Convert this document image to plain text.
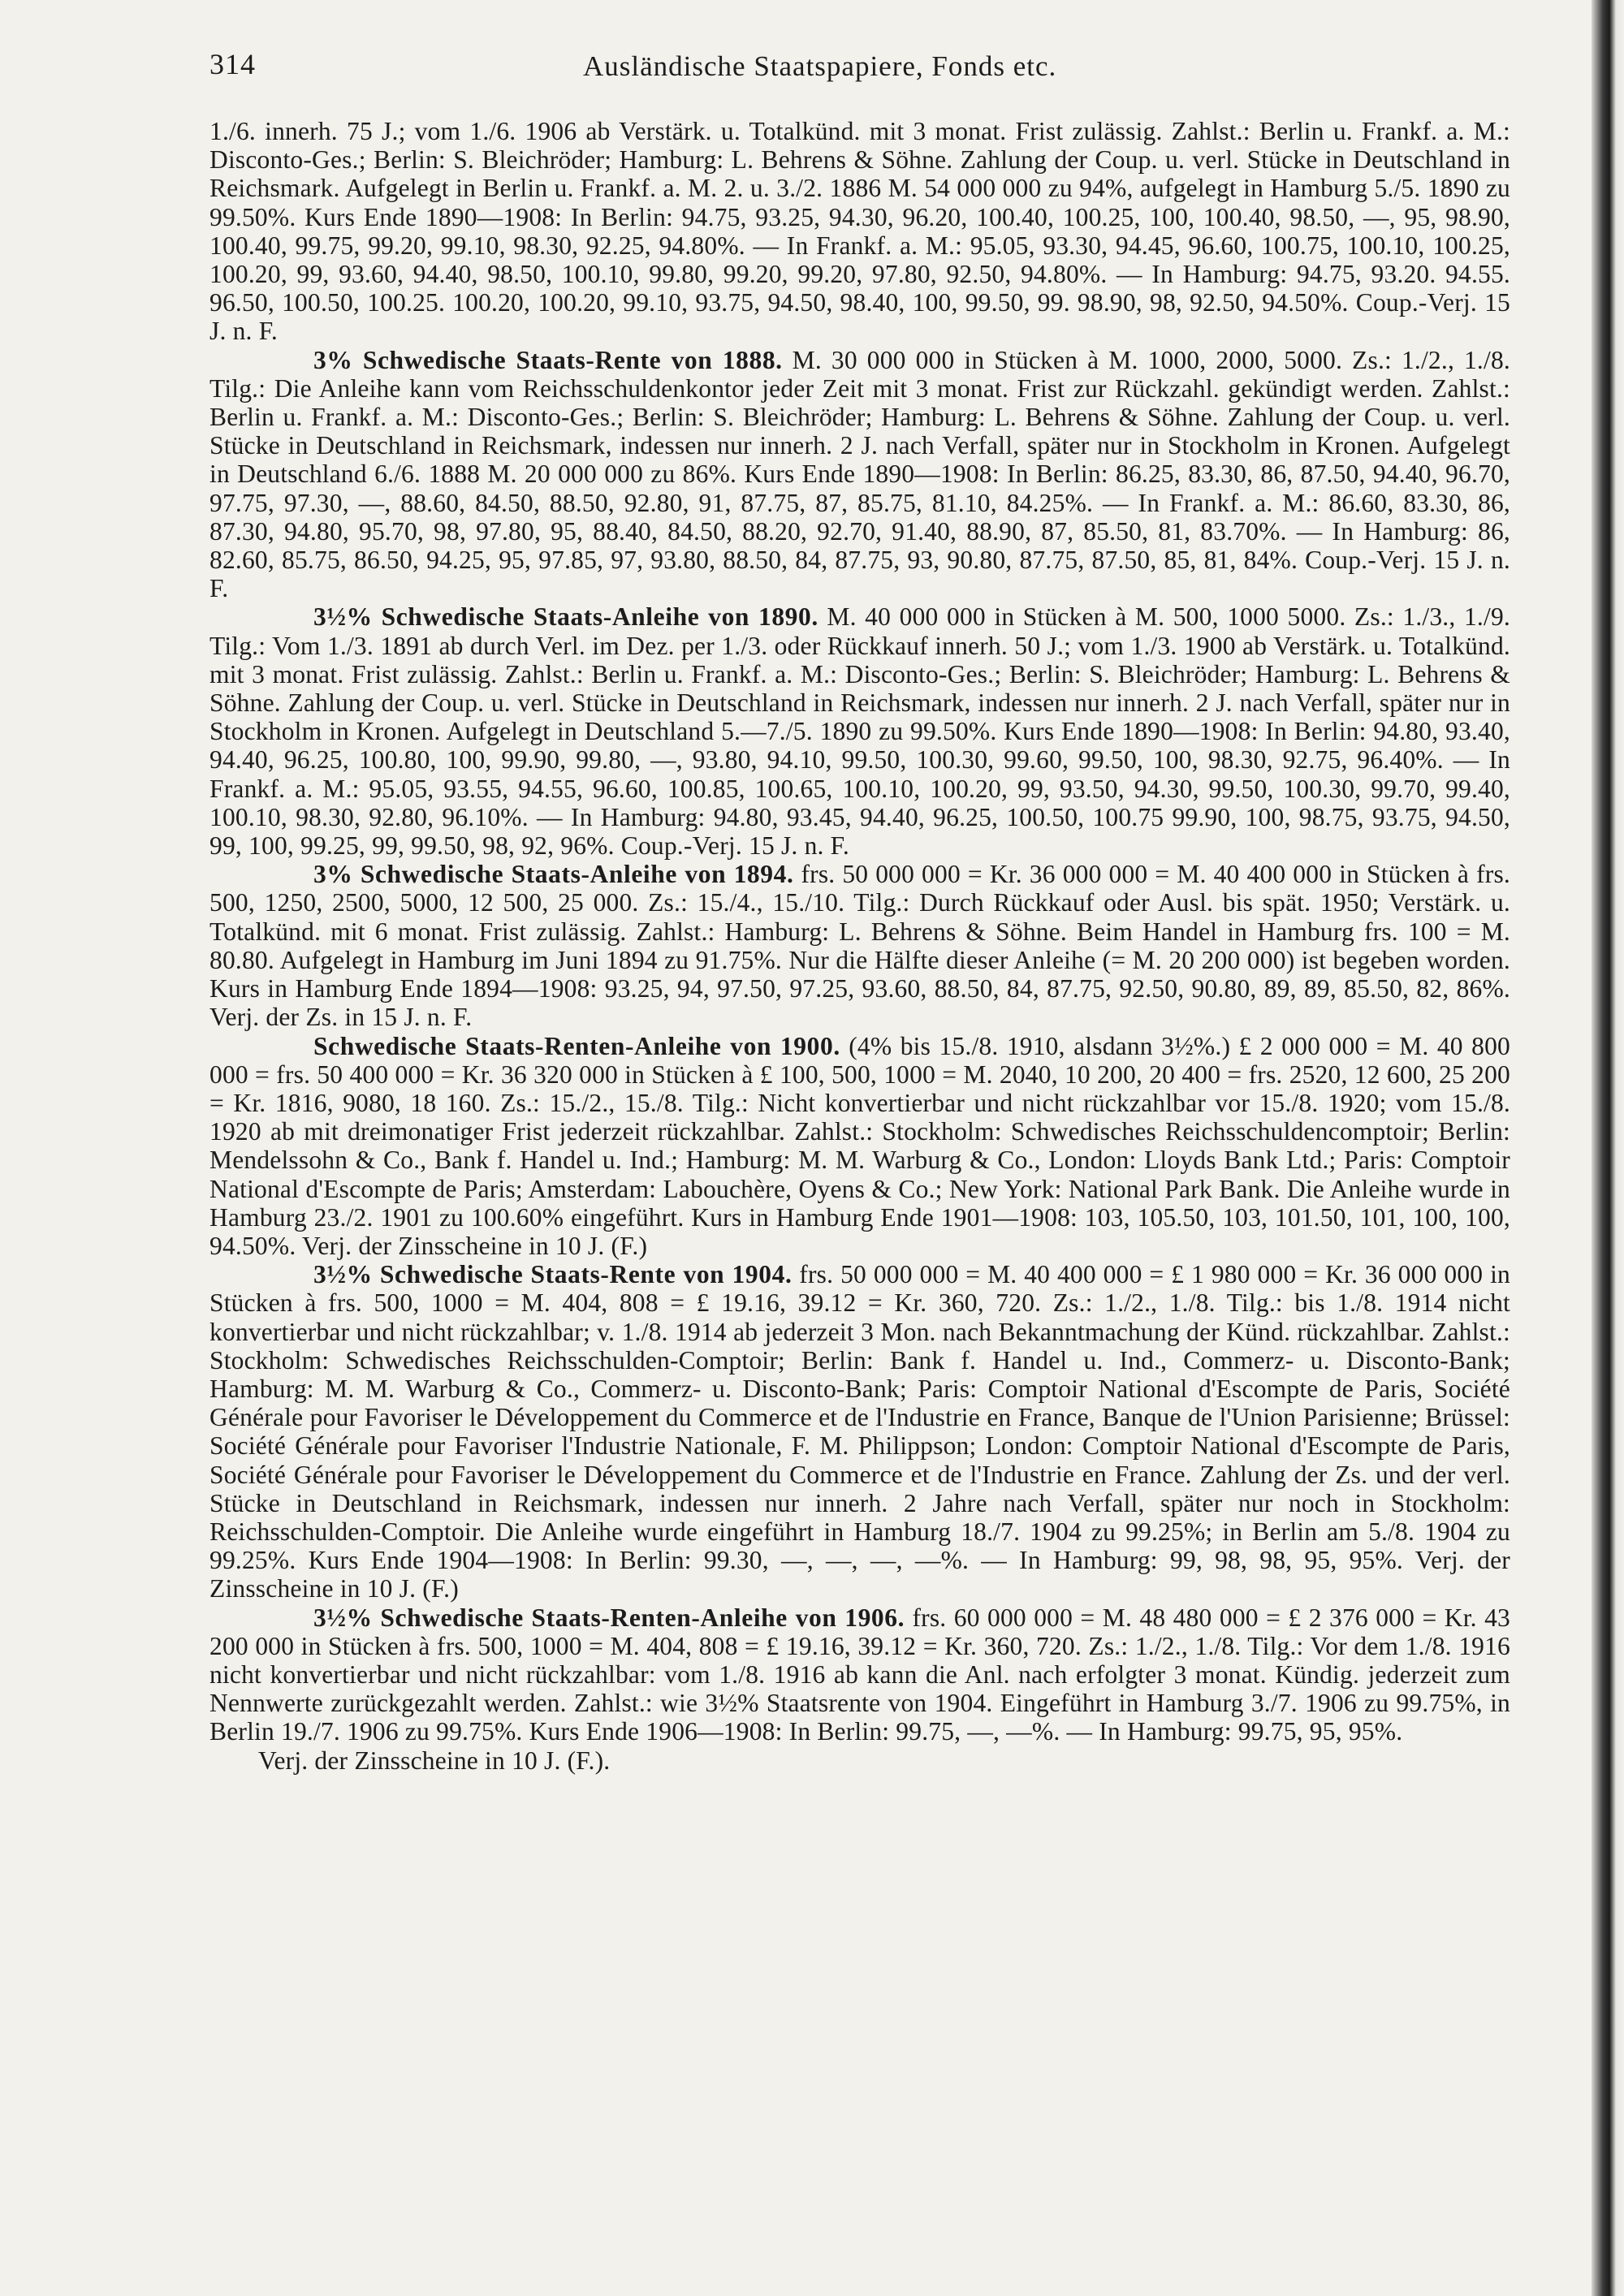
314	Ausländische Staatspapiere, Fonds etc.

1./6. innerh. 75 J.; vom 1./6. 1906 ab Verstärk. u. Totalkünd. mit 3 monat. Frist zulässig. Zahlst.: Berlin u. Frankf. a. M.: Disconto-Ges.; Berlin: S. Bleichröder; Hamburg: L. Behrens & Söhne. Zahlung der Coup. u. verl. Stücke in Deutschland in Reichsmark. Aufgelegt in Berlin u. Frankf. a. M. 2. u. 3./2. 1886 M. 54 000 000 zu 94%, aufgelegt in Hamburg 5./5. 1890 zu 99.50%. Kurs Ende 1890—1908: In Berlin: 94.75, 93.25, 94.30, 96.20, 100.40, 100.25, 100, 100.40, 98.50, —, 95, 98.90, 100.40, 99.75, 99.20, 99.10, 98.30, 92.25, 94.80%. — In Frankf. a. M.: 95.05, 93.30, 94.45, 96.60, 100.75, 100.10, 100.25, 100.20, 99, 93.60, 94.40, 98.50, 100.10, 99.80, 99.20, 99.20, 97.80, 92.50, 94.80%. — In Hamburg: 94.75, 93.20. 94.55. 96.50, 100.50, 100.25. 100.20, 100.20, 99.10, 93.75, 94.50, 98.40, 100, 99.50, 99. 98.90, 98, 92.50, 94.50%. Coup.-Verj. 15 J. n. F.

3% Schwedische Staats-Rente von 1888. M. 30 000 000 in Stücken à M. 1000, 2000, 5000. Zs.: 1./2., 1./8. Tilg.: Die Anleihe kann vom Reichsschuldenkontor jeder Zeit mit 3 monat. Frist zur Rückzahl. gekündigt werden. Zahlst.: Berlin u. Frankf. a. M.: Disconto-Ges.; Berlin: S. Bleichröder; Hamburg: L. Behrens & Söhne. Zahlung der Coup. u. verl. Stücke in Deutschland in Reichsmark, indessen nur innerh. 2 J. nach Verfall, später nur in Stockholm in Kronen. Aufgelegt in Deutschland 6./6. 1888 M. 20 000 000 zu 86%. Kurs Ende 1890—1908: In Berlin: 86.25, 83.30, 86, 87.50, 94.40, 96.70, 97.75, 97.30, —, 88.60, 84.50, 88.50, 92.80, 91, 87.75, 87, 85.75, 81.10, 84.25%. — In Frankf. a. M.: 86.60, 83.30, 86, 87.30, 94.80, 95.70, 98, 97.80, 95, 88.40, 84.50, 88.20, 92.70, 91.40, 88.90, 87, 85.50, 81, 83.70%. — In Hamburg: 86, 82.60, 85.75, 86.50, 94.25, 95, 97.85, 97, 93.80, 88.50, 84, 87.75, 93, 90.80, 87.75, 87.50, 85, 81, 84%. Coup.-Verj. 15 J. n. F.

3½% Schwedische Staats-Anleihe von 1890. M. 40 000 000 in Stücken à M. 500, 1000 5000. Zs.: 1./3., 1./9. Tilg.: Vom 1./3. 1891 ab durch Verl. im Dez. per 1./3. oder Rückkauf innerh. 50 J.; vom 1./3. 1900 ab Verstärk. u. Totalkünd. mit 3 monat. Frist zulässig. Zahlst.: Berlin u. Frankf. a. M.: Disconto-Ges.; Berlin: S. Bleichröder; Hamburg: L. Behrens & Söhne. Zahlung der Coup. u. verl. Stücke in Deutschland in Reichsmark, indessen nur innerh. 2 J. nach Verfall, später nur in Stockholm in Kronen. Aufgelegt in Deutschland 5.—7./5. 1890 zu 99.50%. Kurs Ende 1890—1908: In Berlin: 94.80, 93.40, 94.40, 96.25, 100.80, 100, 99.90, 99.80, —, 93.80, 94.10, 99.50, 100.30, 99.60, 99.50, 100, 98.30, 92.75, 96.40%. — In Frankf. a. M.: 95.05, 93.55, 94.55, 96.60, 100.85, 100.65, 100.10, 100.20, 99, 93.50, 94.30, 99.50, 100.30, 99.70, 99.40, 100.10, 98.30, 92.80, 96.10%. — In Hamburg: 94.80, 93.45, 94.40, 96.25, 100.50, 100.75 99.90, 100, 98.75, 93.75, 94.50, 99, 100, 99.25, 99, 99.50, 98, 92, 96%. Coup.-Verj. 15 J. n. F.

3% Schwedische Staats-Anleihe von 1894. frs. 50 000 000 = Kr. 36 000 000 = M. 40 400 000 in Stücken à frs. 500, 1250, 2500, 5000, 12 500, 25 000. Zs.: 15./4., 15./10. Tilg.: Durch Rückkauf oder Ausl. bis spät. 1950; Verstärk. u. Totalkünd. mit 6 monat. Frist zulässig. Zahlst.: Hamburg: L. Behrens & Söhne. Beim Handel in Hamburg frs. 100 = M. 80.80. Aufgelegt in Hamburg im Juni 1894 zu 91.75%. Nur die Hälfte dieser Anleihe (= M. 20 200 000) ist begeben worden. Kurs in Hamburg Ende 1894—1908: 93.25, 94, 97.50, 97.25, 93.60, 88.50, 84, 87.75, 92.50, 90.80, 89, 89, 85.50, 82, 86%. Verj. der Zs. in 15 J. n. F.

Schwedische Staats-Renten-Anleihe von 1900. (4% bis 15./8. 1910, alsdann 3½%.) £ 2 000 000 = M. 40 800 000 = frs. 50 400 000 = Kr. 36 320 000 in Stücken à £ 100, 500, 1000 = M. 2040, 10 200, 20 400 = frs. 2520, 12 600, 25 200 = Kr. 1816, 9080, 18 160. Zs.: 15./2., 15./8. Tilg.: Nicht konvertierbar und nicht rückzahlbar vor 15./8. 1920; vom 15./8. 1920 ab mit dreimonatiger Frist jederzeit rückzahlbar. Zahlst.: Stockholm: Schwedisches Reichsschuldencomptoir; Berlin: Mendelssohn & Co., Bank f. Handel u. Ind.; Hamburg: M. M. Warburg & Co., London: Lloyds Bank Ltd.; Paris: Comptoir National d'Escompte de Paris; Amsterdam: Labouchère, Oyens & Co.; New York: National Park Bank. Die Anleihe wurde in Hamburg 23./2. 1901 zu 100.60% eingeführt. Kurs in Hamburg Ende 1901—1908: 103, 105.50, 103, 101.50, 101, 100, 100, 94.50%. Verj. der Zinsscheine in 10 J. (F.)

3½% Schwedische Staats-Rente von 1904. frs. 50 000 000 = M. 40 400 000 = £ 1 980 000 = Kr. 36 000 000 in Stücken à frs. 500, 1000 = M. 404, 808 = £ 19.16, 39.12 = Kr. 360, 720. Zs.: 1./2., 1./8. Tilg.: bis 1./8. 1914 nicht konvertierbar und nicht rückzahlbar; v. 1./8. 1914 ab jederzeit 3 Mon. nach Bekanntmachung der Künd. rückzahlbar. Zahlst.: Stockholm: Schwedisches Reichsschulden-Comptoir; Berlin: Bank f. Handel u. Ind., Commerz- u. Disconto-Bank; Hamburg: M. M. Warburg & Co., Commerz- u. Disconto-Bank; Paris: Comptoir National d'Escompte de Paris, Société Générale pour Favoriser le Développement du Commerce et de l'Industrie en France, Banque de l'Union Parisienne; Brüssel: Société Générale pour Favoriser l'Industrie Nationale, F. M. Philippson; London: Comptoir National d'Escompte de Paris, Société Générale pour Favoriser le Développement du Commerce et de l'Industrie en France. Zahlung der Zs. und der verl. Stücke in Deutschland in Reichsmark, indessen nur innerh. 2 Jahre nach Verfall, später nur noch in Stockholm: Reichsschulden-Comptoir. Die Anleihe wurde eingeführt in Hamburg 18./7. 1904 zu 99.25%; in Berlin am 5./8. 1904 zu 99.25%. Kurs Ende 1904—1908: In Berlin: 99.30, —, —, —, —%. — In Hamburg: 99, 98, 98, 95, 95%. Verj. der Zinsscheine in 10 J. (F.)

3½% Schwedische Staats-Renten-Anleihe von 1906. frs. 60 000 000 = M. 48 480 000 = £ 2 376 000 = Kr. 43 200 000 in Stücken à frs. 500, 1000 = M. 404, 808 = £ 19.16, 39.12 = Kr. 360, 720. Zs.: 1./2., 1./8. Tilg.: Vor dem 1./8. 1916 nicht konvertierbar und nicht rückzahlbar: vom 1./8. 1916 ab kann die Anl. nach erfolgter 3 monat. Kündig. jederzeit zum Nennwerte zurückgezahlt werden. Zahlst.: wie 3½% Staatsrente von 1904. Eingeführt in Hamburg 3./7. 1906 zu 99.75%, in Berlin 19./7. 1906 zu 99.75%. Kurs Ende 1906—1908: In Berlin: 99.75, —, —%. — In Hamburg: 99.75, 95, 95%.

Verj. der Zinsscheine in 10 J. (F.).
